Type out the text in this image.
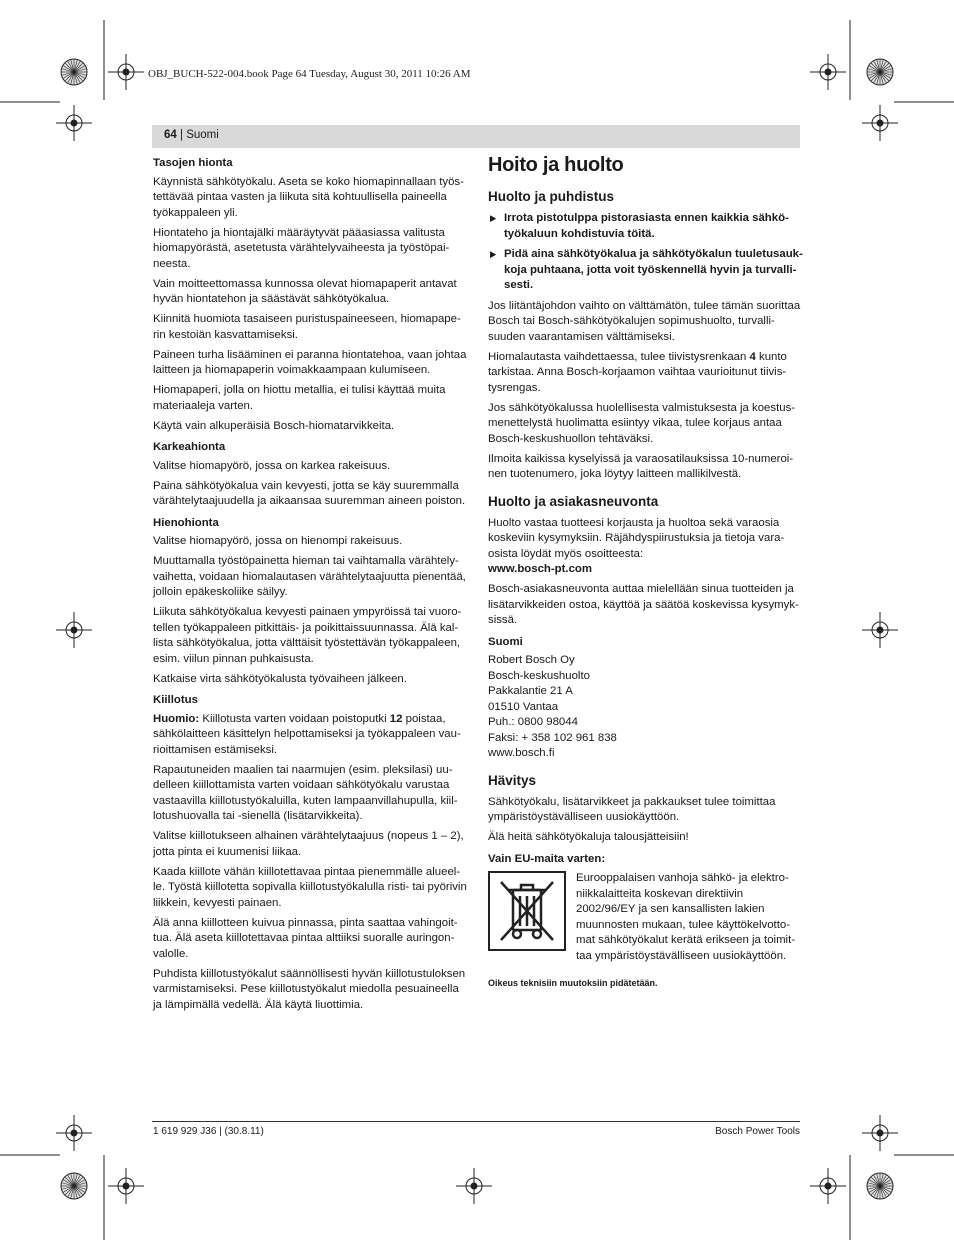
OBJ_BUCH-522-004.book Page 64 Tuesday, August 30, 2011 10:26 AM
64 | Suomi

Tasojen hionta

Käynnistä sähkötyökalu. Aseta se koko hiomapinnallaan työstettävää pintaa vasten ja liikuta sitä kohtuullisella paineella työkappaleen yli.

Hiontateho ja hiontajälki määräytyvät pääasiassa valitusta hiomapyörästä, asetetusta värähtelyvaiheesta ja työstöpaineesta.

Vain moitteettomassa kunnossa olevat hiomapaperit antavat hyvän hiontatehon ja säästävät sähkötyökalua.

Kiinnitä huomiota tasaiseen puristuspaineeseen, hiomapaperin kestoiän kasvattamiseksi.

Paineen turha lisääminen ei paranna hiontatehoa, vaan johtaa laitteen ja hiomapaperin voimakkaampaan kulumiseen.

Hiomapaperi, jolla on hiottu metallia, ei tulisi käyttää muita materiaaleja varten.

Käytä vain alkuperäisiä Bosch-hiomatarvikkeita.

Karkeahionta

Valitse hiomapyörö, jossa on karkea rakeisuus.

Paina sähkötyökalua vain kevyesti, jotta se käy suuremmalla värähtelytaajuudella ja aikaansaa suuremman aineen poiston.

Hienohionta

Valitse hiomapyörö, jossa on hienompi rakeisuus.

Muuttamalla työstöpainetta hieman tai vaihtamalla värähtelyvaihetta, voidaan hiomalautasen värähtelytaajuutta pienentää, jolloin epäkeskoliike säilyy.

Liikuta sähkötyökalua kevyesti painaen ympyröissä tai vuorotellen työkappaleen pitkittäis- ja poikittaissuunnassa. Älä kallista sähkötyökalua, jotta välttäisit työstettävän työkappaleen, esim. viilun pinnan puhkaisusta.

Katkaise virta sähkötyökalusta työvaiheen jälkeen.

Kiillotus

Huomio: Kiillotusta varten voidaan poistoputki 12 poistaa, sähkölaitteen käsittelyn helpottamiseksi ja työkappaleen vaurioittamisen estämiseksi.

Rapautuneiden maalien tai naarmujen (esim. pleksilasi) uudelleen kiillottamista varten voidaan sähkötyökalu varustaa vastaavilla kiillotustyökaluilla, kuten lampaanvillahupulla, kiillotushuovalla tai -sienellä (lisätarvikkeita).

Valitse kiillotukseen alhainen värähtelytaajuus (nopeus 1 – 2), jotta pinta ei kuumenisi liikaa.

Kaada kiillote vähän kiillotettavaa pintaa pienemmälle alueelle. Työstä kiillotetta sopivalla kiillotustyökalulla risti- tai pyörivin liikkein, kevyesti painaen.

Älä anna kiillotteen kuivua pinnassa, pinta saattaa vahingoittua. Älä aseta kiillotettavaa pintaa alttiiksi suoralle auringonvalolle.

Puhdista kiillotustyökalut säännöllisesti hyvän kiillotustuloksen varmistamiseksi. Pese kiillotustyökalut miedolla pesuaineella ja lämpimällä vedellä. Älä käytä liuottimia.

Hoito ja huolto
Huolto ja puhdistus
▶ Irrota pistotulppa pistorasiasta ennen kaikkia sähkötyökaluun kohdistuvia töitä.
▶ Pidä aina sähkötyökalua ja sähkötyökalun tuuletusaukkoja puhtaana, jotta voit työskennellä hyvin ja turvallisesti.

Jos liitäntäjohdon vaihto on välttämätön, tulee tämän suorittaa Bosch tai Bosch-sähkötyökalujen sopimushuolto, turvallisuuden vaarantamisen välttämiseksi.

Hiomalautasta vaihdettaessa, tulee tiivistysrenkaan 4 kunto tarkistaa. Anna Bosch-korjaamon vaihtaa vaurioitunut tiivistysrengas.

Jos sähkötyökalussa huolellisesta valmistuksesta ja koestusmenettelystä huolimatta esiintyy vikaa, tulee korjaus antaa Bosch-keskushuollon tehtäväksi.

Ilmoita kaikissa kyselyissä ja varaosatilauksissa 10-numeroinen tuotenumero, joka löytyy laitteen mallikilvestä.

Huolto ja asiakasneuvonta

Huolto vastaa tuotteesi korjausta ja huoltoa sekä varaosia koskeviin kysymyksiin. Räjähdyspiirustuksia ja tietoja varaosista löydät myös osoitteesta:

www.bosch-pt.com

Bosch-asiakasneuvonta auttaa mielellään sinua tuotteiden ja lisätarvikkeiden ostoa, käyttöä ja säätöä koskevissa kysymyksissä.

Suomi

Robert Bosch Oy
Bosch-keskushuolto
Pakkalantie 21 A
01510 Vantaa
Puh.: 0800 98044
Faksi: + 358 102 961 838
www.bosch.fi
Hävitys

Sähkötyökalu, lisätarvikkeet ja pakkaukset tulee toimittaa ympäristöystävälliseen uusiokäyttöön.

Älä heitä sähkötyökaluja talousjätteisiin!

Vain EU-maita varten:

Eurooppalaisen vanhoja sähkö- ja elektroniikkalaitteita koskevan direktiivin 2002/96/EY ja sen kansallisten lakien muunnosten mukaan, tulee käyttökelvottomat sähkötyökalut kerätä erikseen ja toimittaa ympäristöystävälliseen uusiokäyttöön.

Oikeus teknisiin muutoksiin pidätetään.

1 619 929 J36 | (30.8.11)	Bosch Power Tools
